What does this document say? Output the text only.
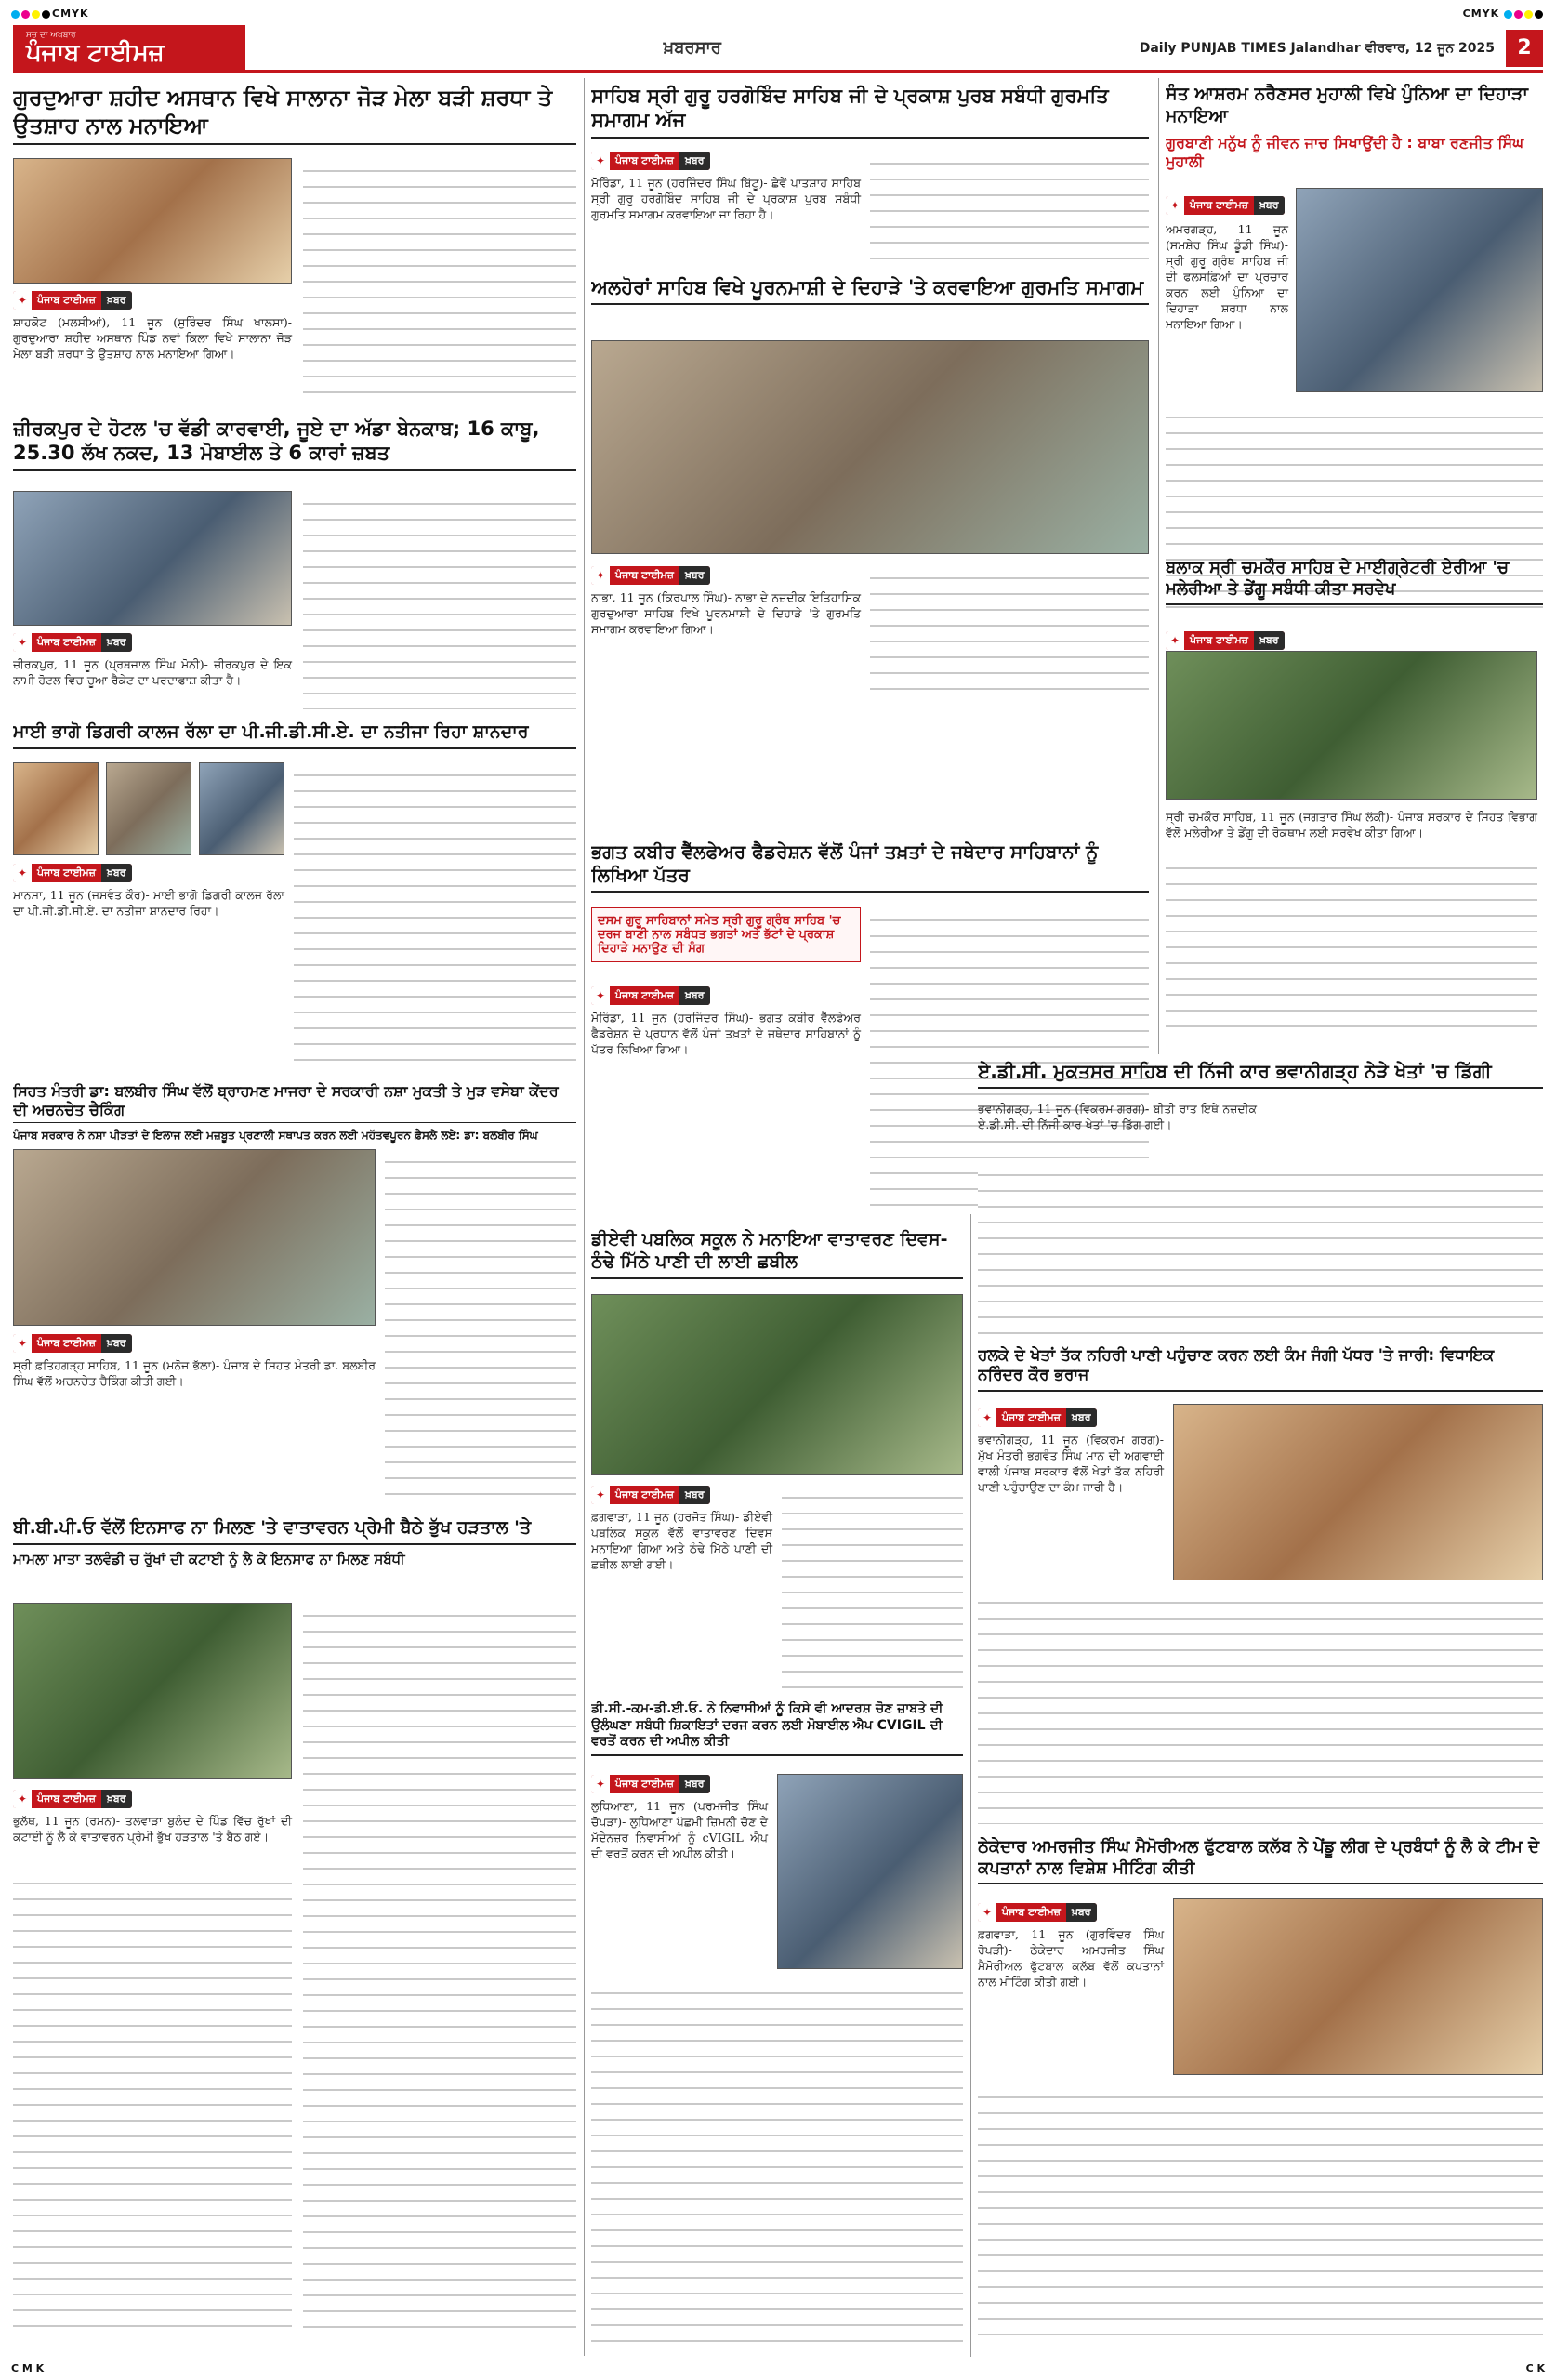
CMYK	CMYK
ਸਚ ਦਾ ਅਖਬਾਰ
ਪੰਜਾਬ ਟਾਈਮਜ਼	ਖ਼ਬਰਸਾਰ	Daily PUNJAB TIMES Jalandhar ਵੀਰਵਾਰ, 12 ਜੂਨ 2025	2
ਗੁਰਦੁਆਰਾ ਸ਼ਹੀਦ ਅਸਥਾਨ ਵਿਖੇ ਸਾਲਾਨਾ ਜੋੜ ਮੇਲਾ ਬੜੀ ਸ਼ਰਧਾ ਤੇ ਉਤਸ਼ਾਹ ਨਾਲ ਮਨਾਇਆ
✦ ਪੰਜਾਬ ਟਾਈਮਜ਼	ਖ਼ਬਰ
ਸ਼ਾਹਕੋਟ (ਮਲਸੀਆਂ), 11 ਜੂਨ (ਸੁਰਿੰਦਰ ਸਿੰਘ ਖਾਲਸਾ)- ਗੁਰਦੁਆਰਾ ਸ਼ਹੀਦ ਅਸਥਾਨ ਪਿੰਡ ਨਵਾਂ ਕਿਲਾ ਵਿਖੇ ਸਾਲਾਨਾ ਜੋੜ ਮੇਲਾ ਬੜੀ ਸ਼ਰਧਾ ਤੇ ਉਤਸ਼ਾਹ ਨਾਲ ਮਨਾਇਆ ਗਿਆ।
ਸਾਹਿਬ ਸ੍ਰੀ ਗੁਰੂ ਹਰਗੋਬਿੰਦ ਸਾਹਿਬ ਜੀ ਦੇ ਪ੍ਰਕਾਸ਼ ਪੁਰਬ ਸਬੰਧੀ ਗੁਰਮਤਿ ਸਮਾਗਮ ਅੱਜ
✦ ਪੰਜਾਬ ਟਾਈਮਜ਼	ਖ਼ਬਰ
ਮੋਰਿੰਡਾ, 11 ਜੂਨ (ਹਰਜਿੰਦਰ ਸਿੰਘ ਬਿੱਟੂ)- ਛੇਵੇਂ ਪਾਤਸ਼ਾਹ ਸਾਹਿਬ ਸ੍ਰੀ ਗੁਰੂ ਹਰਗੋਬਿੰਦ ਸਾਹਿਬ ਜੀ ਦੇ ਪ੍ਰਕਾਸ਼ ਪੁਰਬ ਸਬੰਧੀ ਗੁਰਮਤਿ ਸਮਾਗਮ ਕਰਵਾਇਆ ਜਾ ਰਿਹਾ ਹੈ।
ਅਲਹੋਰਾਂ ਸਾਹਿਬ ਵਿਖੇ ਪੂਰਨਮਾਸ਼ੀ ਦੇ ਦਿਹਾੜੇ 'ਤੇ ਕਰਵਾਇਆ ਗੁਰਮਤਿ ਸਮਾਗਮ
✦ ਪੰਜਾਬ ਟਾਈਮਜ਼	ਖ਼ਬਰ
ਨਾਭਾ, 11 ਜੂਨ (ਕਿਰਪਾਲ ਸਿੰਘ)- ਨਾਭਾ ਦੇ ਨਜ਼ਦੀਕ ਇਤਿਹਾਸਿਕ ਗੁਰਦੁਆਰਾ ਸਾਹਿਬ ਵਿਖੇ ਪੂਰਨਮਾਸ਼ੀ ਦੇ ਦਿਹਾੜੇ 'ਤੇ ਗੁਰਮਤਿ ਸਮਾਗਮ ਕਰਵਾਇਆ ਗਿਆ।
ਸੰਤ ਆਸ਼ਰਮ ਨਰੈਣਸਰ ਮੁਹਾਲੀ ਵਿਖੇ ਪੁੰਨਿਆ ਦਾ ਦਿਹਾੜਾ ਮਨਾਇਆ
ਗੁਰਬਾਣੀ ਮਨੁੱਖ ਨੂੰ ਜੀਵਨ ਜਾਚ ਸਿਖਾਉਂਦੀ ਹੈ : ਬਾਬਾ ਰਣਜੀਤ ਸਿੰਘ ਮੁਹਾਲੀ
✦ ਪੰਜਾਬ ਟਾਈਮਜ਼	ਖ਼ਬਰ
ਅਮਰਗੜ੍ਹ, 11 ਜੂਨ (ਸਮਸ਼ੇਰ ਸਿੰਘ ਡੂੰਡੀ ਸਿੰਘ)- ਸ੍ਰੀ ਗੁਰੂ ਗ੍ਰੰਥ ਸਾਹਿਬ ਜੀ ਦੀ ਫਲਸਫ਼ਿਆਂ ਦਾ ਪ੍ਰਚਾਰ ਕਰਨ ਲਈ ਪੁੰਨਿਆ ਦਾ ਦਿਹਾੜਾ ਸ਼ਰਧਾ ਨਾਲ ਮਨਾਇਆ ਗਿਆ।
ਬਲਾਕ ਸ੍ਰੀ ਚਮਕੌਰ ਸਾਹਿਬ ਦੇ ਮਾਈਗ੍ਰੇਟਰੀ ਏਰੀਆ 'ਚ ਮਲੇਰੀਆ ਤੇ ਡੇਂਗੂ ਸਬੰਧੀ ਕੀਤਾ ਸਰਵੇਖ
✦ ਪੰਜਾਬ ਟਾਈਮਜ਼	ਖ਼ਬਰ
ਸ੍ਰੀ ਚਮਕੌਰ ਸਾਹਿਬ, 11 ਜੂਨ (ਜਗਤਾਰ ਸਿੰਘ ਲੱਕੀ)- ਪੰਜਾਬ ਸਰਕਾਰ ਦੇ ਸਿਹਤ ਵਿਭਾਗ ਵੱਲੋਂ ਮਲੇਰੀਆ ਤੇ ਡੇਂਗੂ ਦੀ ਰੋਕਥਾਮ ਲਈ ਸਰਵੇਖ ਕੀਤਾ ਗਿਆ।
ਜ਼ੀਰਕਪੁਰ ਦੇ ਹੋਟਲ 'ਚ ਵੱਡੀ ਕਾਰਵਾਈ, ਜੂਏ ਦਾ ਅੱਡਾ ਬੇਨਕਾਬ; 16 ਕਾਬੂ, 25.30 ਲੱਖ ਨਕਦ, 13 ਮੋਬਾਈਲ ਤੇ 6 ਕਾਰਾਂ ਜ਼ਬਤ
✦ ਪੰਜਾਬ ਟਾਈਮਜ਼	ਖ਼ਬਰ
ਜ਼ੀਰਕਪੁਰ, 11 ਜੂਨ (ਪ੍ਰਬਜਾਲ ਸਿੰਘ ਮੋਨੀ)- ਜ਼ੀਰਕਪੁਰ ਦੇ ਇਕ ਨਾਮੀ ਹੋਟਲ ਵਿਚ ਚੂਆ ਰੈਕੇਟ ਦਾ ਪਰਦਾਫਾਸ਼ ਕੀਤਾ ਹੈ।
ਮਾਈ ਭਾਗੋ ਡਿਗਰੀ ਕਾਲਜ ਰੱਲਾ ਦਾ ਪੀ.ਜੀ.ਡੀ.ਸੀ.ਏ. ਦਾ ਨਤੀਜਾ ਰਿਹਾ ਸ਼ਾਨਦਾਰ
✦ ਪੰਜਾਬ ਟਾਈਮਜ਼	ਖ਼ਬਰ
ਮਾਨਸਾ, 11 ਜੂਨ (ਜਸਵੰਤ ਕੌਰ)- ਮਾਈ ਭਾਗੋ ਡਿਗਰੀ ਕਾਲਜ ਰੱਲਾ ਦਾ ਪੀ.ਜੀ.ਡੀ.ਸੀ.ਏ. ਦਾ ਨਤੀਜਾ ਸ਼ਾਨਦਾਰ ਰਿਹਾ।
ਭਗਤ ਕਬੀਰ ਵੈੱਲਫੇਅਰ ਫੈਡਰੇਸ਼ਨ ਵੱਲੋਂ ਪੰਜਾਂ ਤਖ਼ਤਾਂ ਦੇ ਜਥੇਦਾਰ ਸਾਹਿਬਾਨਾਂ ਨੂੰ ਲਿਖਿਆ ਪੱਤਰ
ਦਸਮ ਗੁਰੂ ਸਾਹਿਬਾਨਾਂ ਸਮੇਤ ਸ੍ਰੀ ਗੁਰੂ ਗ੍ਰੰਥ ਸਾਹਿਬ 'ਚ ਦਰਜ ਬਾਣੀ ਨਾਲ ਸਬੰਧਤ ਭਗਤਾਂ ਅਤੇ ਭੱਟਾਂ ਦੇ ਪ੍ਰਕਾਸ਼ ਦਿਹਾੜੇ ਮਨਾਉਣ ਦੀ ਮੰਗ
✦ ਪੰਜਾਬ ਟਾਈਮਜ਼	ਖ਼ਬਰ
ਮੋਰਿੰਡਾ, 11 ਜੂਨ (ਹਰਜਿੰਦਰ ਸਿੰਘ)- ਭਗਤ ਕਬੀਰ ਵੈੱਲਫੇਅਰ ਫੈਡਰੇਸ਼ਨ ਦੇ ਪ੍ਰਧਾਨ ਵੱਲੋਂ ਪੰਜਾਂ ਤਖ਼ਤਾਂ ਦੇ ਜਥੇਦਾਰ ਸਾਹਿਬਾਨਾਂ ਨੂੰ ਪੱਤਰ ਲਿਖਿਆ ਗਿਆ।
ਏ.ਡੀ.ਸੀ. ਮੁਕਤਸਰ ਸਾਹਿਬ ਦੀ ਨਿੱਜੀ ਕਾਰ ਭਵਾਨੀਗੜ੍ਹ ਨੇੜੇ ਖੇਤਾਂ 'ਚ ਡਿੱਗੀ
ਭਵਾਨੀਗੜ੍ਹ, 11 ਜੂਨ (ਵਿਕਰਮ ਗਰਗ)- ਬੀਤੀ ਰਾਤ ਇਥੇ ਨਜ਼ਦੀਕ ਏ.ਡੀ.ਸੀ. ਦੀ ਨਿੱਜੀ ਕਾਰ ਖੇਤਾਂ 'ਚ ਡਿੱਗ ਗਈ।
ਸਿਹਤ ਮੰਤਰੀ ਡਾ: ਬਲਬੀਰ ਸਿੰਘ ਵੱਲੋਂ ਬ੍ਰਾਹਮਣ ਮਾਜਰਾ ਦੇ ਸਰਕਾਰੀ ਨਸ਼ਾ ਮੁਕਤੀ ਤੇ ਮੁੜ ਵਸੇਬਾ ਕੇਂਦਰ ਦੀ ਅਚਨਚੇਤ ਚੈਕਿੰਗ
ਪੰਜਾਬ ਸਰਕਾਰ ਨੇ ਨਸ਼ਾ ਪੀੜਤਾਂ ਦੇ ਇਲਾਜ ਲਈ ਮਜ਼ਬੂਤ ਪ੍ਰਣਾਲੀ ਸਥਾਪਤ ਕਰਨ ਲਈ ਮਹੱਤਵਪੂਰਨ ਫ਼ੈਸਲੇ ਲਏ: ਡਾ: ਬਲਬੀਰ ਸਿੰਘ
✦ ਪੰਜਾਬ ਟਾਈਮਜ਼	ਖ਼ਬਰ
ਸ੍ਰੀ ਫ਼ਤਿਹਗੜ੍ਹ ਸਾਹਿਬ, 11 ਜੂਨ (ਮਨੋਜ ਭੱਲਾ)- ਪੰਜਾਬ ਦੇ ਸਿਹਤ ਮੰਤਰੀ ਡਾ. ਬਲਬੀਰ ਸਿੰਘ ਵੱਲੋਂ ਅਚਨਚੇਤ ਚੈਕਿੰਗ ਕੀਤੀ ਗਈ।
ਡੀਏਵੀ ਪਬਲਿਕ ਸਕੂਲ ਨੇ ਮਨਾਇਆ ਵਾਤਾਵਰਣ ਦਿਵਸ- ਠੰਢੇ ਮਿੱਠੇ ਪਾਣੀ ਦੀ ਲਾਈ ਛਬੀਲ
✦ ਪੰਜਾਬ ਟਾਈਮਜ਼	ਖ਼ਬਰ
ਫ਼ਗਵਾੜਾ, 11 ਜੂਨ (ਹਰਜੋਤ ਸਿੰਘ)- ਡੀਏਵੀ ਪਬਲਿਕ ਸਕੂਲ ਵੱਲੋਂ ਵਾਤਾਵਰਣ ਦਿਵਸ ਮਨਾਇਆ ਗਿਆ ਅਤੇ ਠੰਢੇ ਮਿੱਠੇ ਪਾਣੀ ਦੀ ਛਬੀਲ ਲਾਈ ਗਈ।
ਹਲਕੇ ਦੇ ਖੇਤਾਂ ਤੱਕ ਨਹਿਰੀ ਪਾਣੀ ਪਹੁੰਚਾਣ ਕਰਨ ਲਈ ਕੰਮ ਜੰਗੀ ਪੱਧਰ 'ਤੇ ਜਾਰੀ: ਵਿਧਾਇਕ ਨਰਿੰਦਰ ਕੌਰ ਭਰਾਜ
✦ ਪੰਜਾਬ ਟਾਈਮਜ਼	ਖ਼ਬਰ
ਭਵਾਨੀਗੜ੍ਹ, 11 ਜੂਨ (ਵਿਕਰਮ ਗਰਗ)- ਮੁੱਖ ਮੰਤਰੀ ਭਗਵੰਤ ਸਿੰਘ ਮਾਨ ਦੀ ਅਗਵਾਈ ਵਾਲੀ ਪੰਜਾਬ ਸਰਕਾਰ ਵੱਲੋਂ ਖੇਤਾਂ ਤੱਕ ਨਹਿਰੀ ਪਾਣੀ ਪਹੁੰਚਾਉਣ ਦਾ ਕੰਮ ਜਾਰੀ ਹੈ।
ਬੀ.ਬੀ.ਪੀ.ਓ ਵੱਲੋਂ ਇਨਸਾਫ ਨਾ ਮਿਲਣ 'ਤੇ ਵਾਤਾਵਰਨ ਪ੍ਰੇਮੀ ਬੈਠੇ ਭੁੱਖ ਹੜਤਾਲ 'ਤੇ
ਮਾਮਲਾ ਮਾਤਾ ਤਲਵੰਡੀ ਚ ਰੁੱਖਾਂ ਦੀ ਕਟਾਈ ਨੂੰ ਲੈ ਕੇ ਇਨਸਾਫ ਨਾ ਮਿਲਣ ਸਬੰਧੀ
✦ ਪੰਜਾਬ ਟਾਈਮਜ਼	ਖ਼ਬਰ
ਭੁਲੱਥ, 11 ਜੂਨ (ਰਮਨ)- ਤਲਵਾੜਾ ਬੁਲੰਦ ਦੇ ਪਿੰਡ ਵਿੱਚ ਰੁੱਖਾਂ ਦੀ ਕਟਾਈ ਨੂੰ ਲੈ ਕੇ ਵਾਤਾਵਰਨ ਪ੍ਰੇਮੀ ਭੁੱਖ ਹੜਤਾਲ 'ਤੇ ਬੈਠ ਗਏ।
ਡੀ.ਸੀ.-ਕਮ-ਡੀ.ਈ.ਓ. ਨੇ ਨਿਵਾਸੀਆਂ ਨੂੰ ਕਿਸੇ ਵੀ ਆਦਰਸ਼ ਚੋਣ ਜ਼ਾਬਤੇ ਦੀ ਉਲੰਘਣਾ ਸਬੰਧੀ ਸ਼ਿਕਾਇਤਾਂ ਦਰਜ ਕਰਨ ਲਈ ਮੋਬਾਈਲ ਐਪ CVIGIL ਦੀ ਵਰਤੋਂ ਕਰਨ ਦੀ ਅਪੀਲ ਕੀਤੀ
✦ ਪੰਜਾਬ ਟਾਈਮਜ਼	ਖ਼ਬਰ
ਲੁਧਿਆਣਾ, 11 ਜੂਨ (ਪਰਮਜੀਤ ਸਿੰਘ ਚੋਪੜਾ)- ਲੁਧਿਆਣਾ ਪੱਛਮੀ ਜ਼ਿਮਨੀ ਚੋਣ ਦੇ ਮੱਦੇਨਜ਼ਰ ਨਿਵਾਸੀਆਂ ਨੂੰ cVIGIL ਐਪ ਦੀ ਵਰਤੋਂ ਕਰਨ ਦੀ ਅਪੀਲ ਕੀਤੀ।	ਠੇਕੇਦਾਰ ਅਮਰਜੀਤ ਸਿੰਘ ਮੈਮੋਰੀਅਲ ਫੁੱਟਬਾਲ ਕਲੱਬ ਨੇ ਪੇਂਡੂ ਲੀਗ ਦੇ ਪ੍ਰਬੰਧਾਂ ਨੂੰ ਲੈ ਕੇ ਟੀਮ ਦੇ ਕਪਤਾਨਾਂ ਨਾਲ ਵਿਸ਼ੇਸ਼ ਮੀਟਿੰਗ ਕੀਤੀ
✦ ਪੰਜਾਬ ਟਾਈਮਜ਼	ਖ਼ਬਰ
ਫ਼ਗਵਾੜਾ, 11 ਜੂਨ (ਗੁਰਵਿੰਦਰ ਸਿੰਘ ਰੋਪੜੀ)- ਠੇਕੇਦਾਰ ਅਮਰਜੀਤ ਸਿੰਘ ਮੈਮੋਰੀਅਲ ਫੁੱਟਬਾਲ ਕਲੱਬ ਵੱਲੋਂ ਕਪਤਾਨਾਂ ਨਾਲ ਮੀਟਿੰਗ ਕੀਤੀ ਗਈ।
C M K	C K
